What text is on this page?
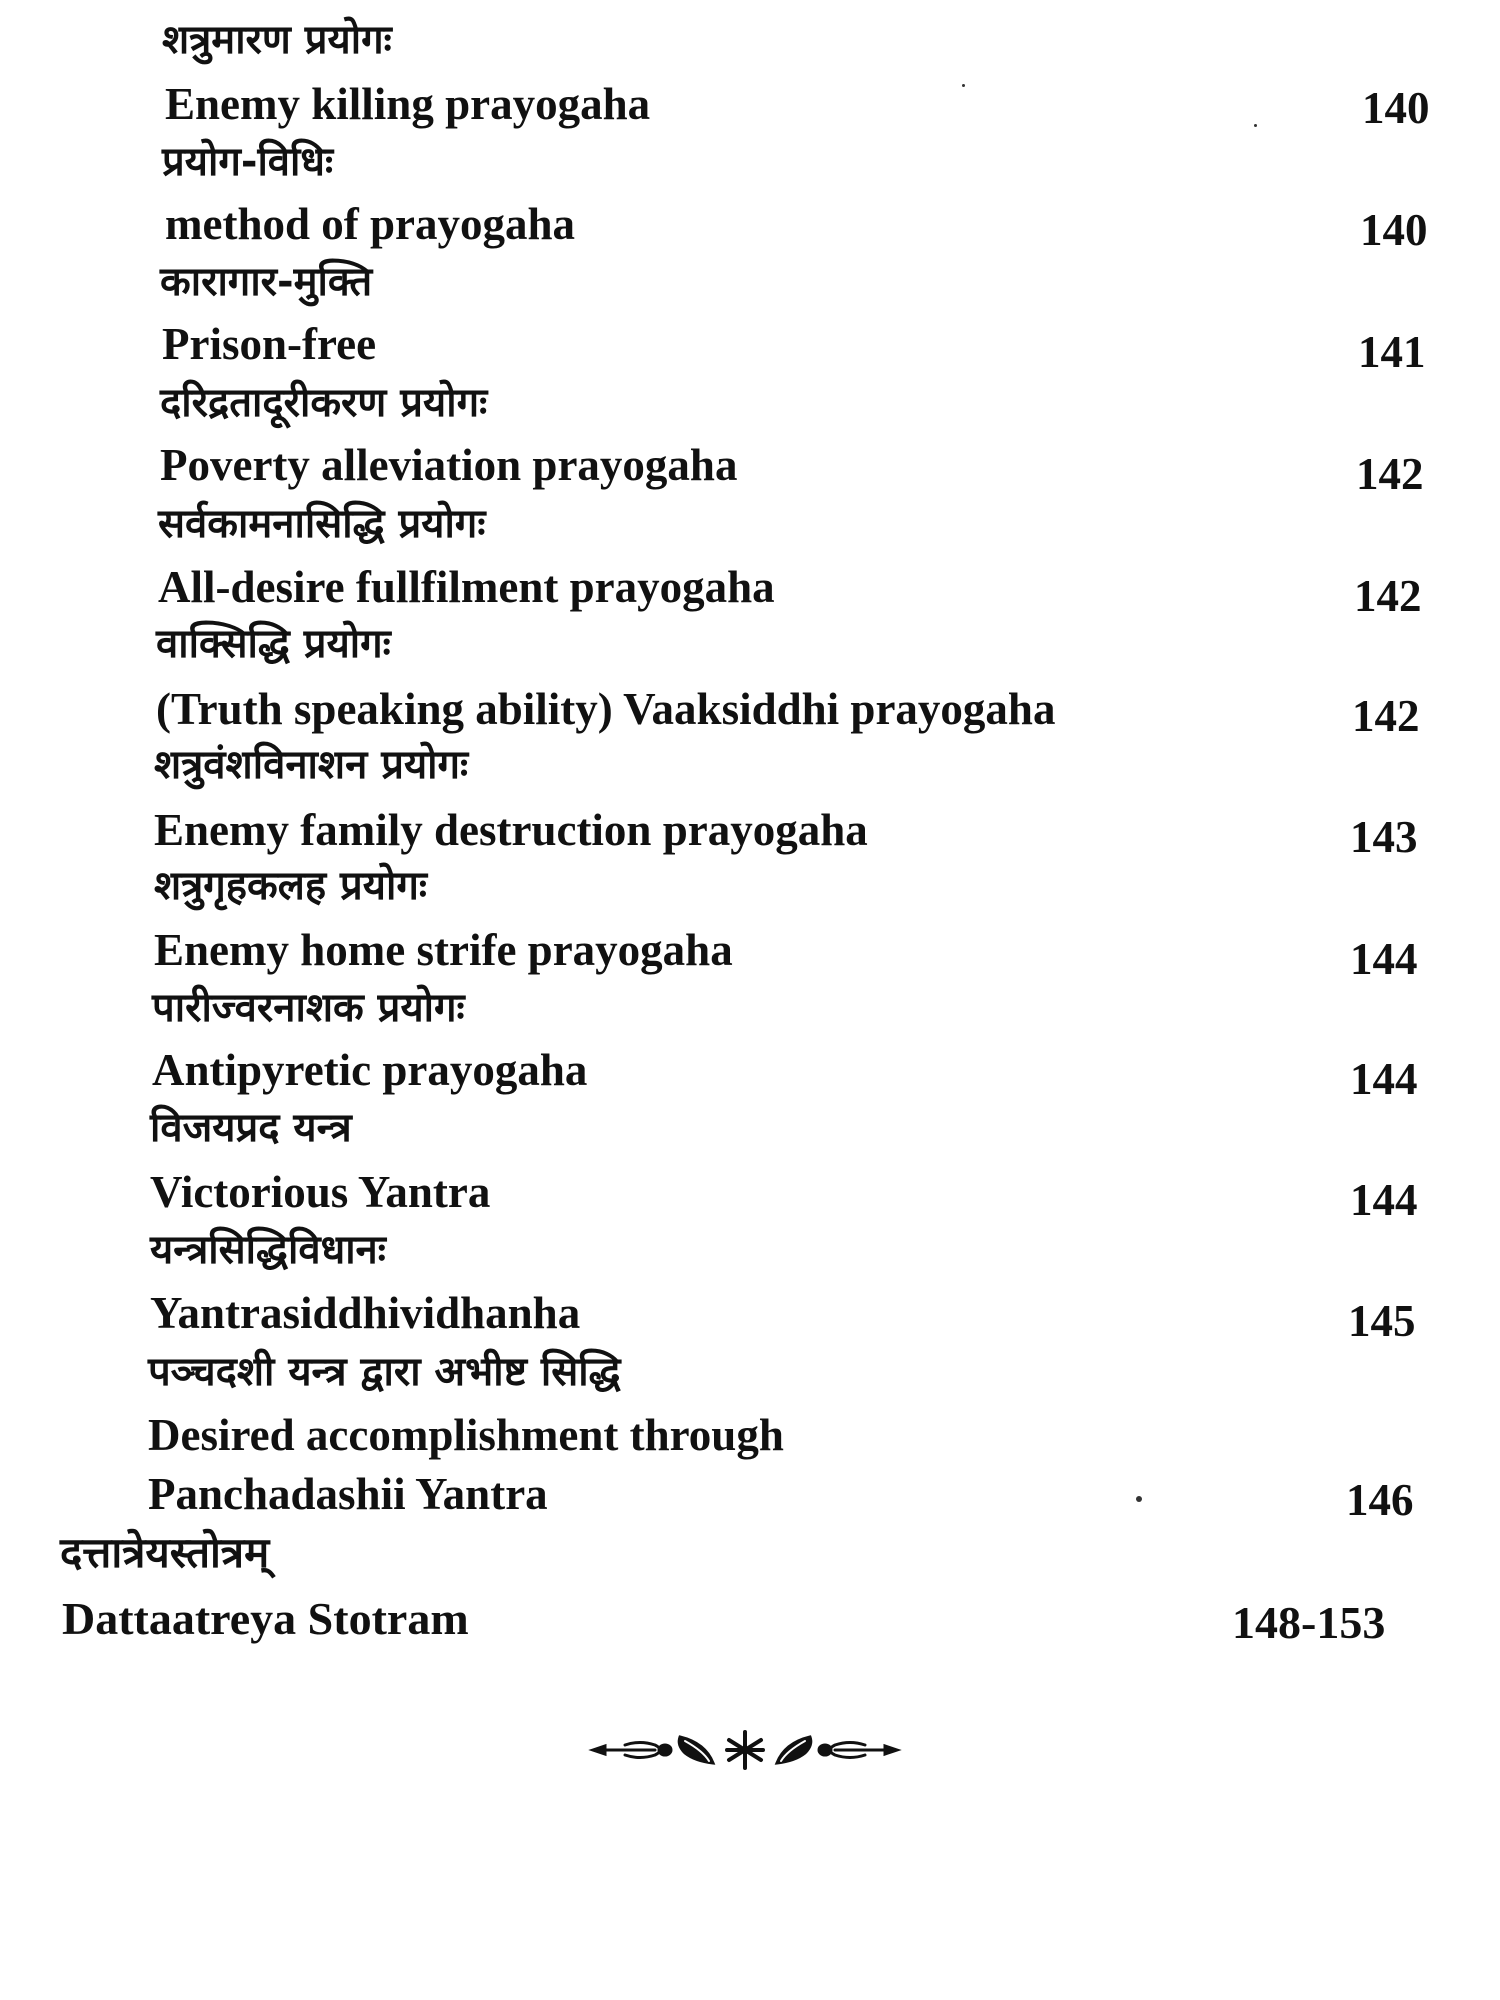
शत्रुमारण प्रयोगः
Enemy killing prayogaha	140
प्रयोग-विधिः
method of prayogaha	140
कारागार-मुक्ति
Prison-free	141
दरिद्रतादूरीकरण प्रयोगः
Poverty alleviation prayogaha	142
सर्वकामनासिद्धि प्रयोगः
All-desire fullfilment prayogaha	142
वाक्सिद्धि प्रयोगः
(Truth speaking ability) Vaaksiddhi prayogaha	142
शत्रुवंशविनाशन प्रयोगः
Enemy family destruction prayogaha	143
शत्रुगृहकलह प्रयोगः
Enemy home strife prayogaha	144
पारीज्वरनाशक प्रयोगः
Antipyretic prayogaha	144
विजयप्रद यन्त्र
Victorious Yantra	144
यन्त्रसिद्धिविधानः
Yantrasiddhividhanha	145
पञ्चदशी यन्त्र द्वारा अभीष्ट सिद्धि
Desired accomplishment through
Panchadashii Yantra	146
दत्तात्रेयस्तोत्रम्
Dattaatreya Stotram	148-153
